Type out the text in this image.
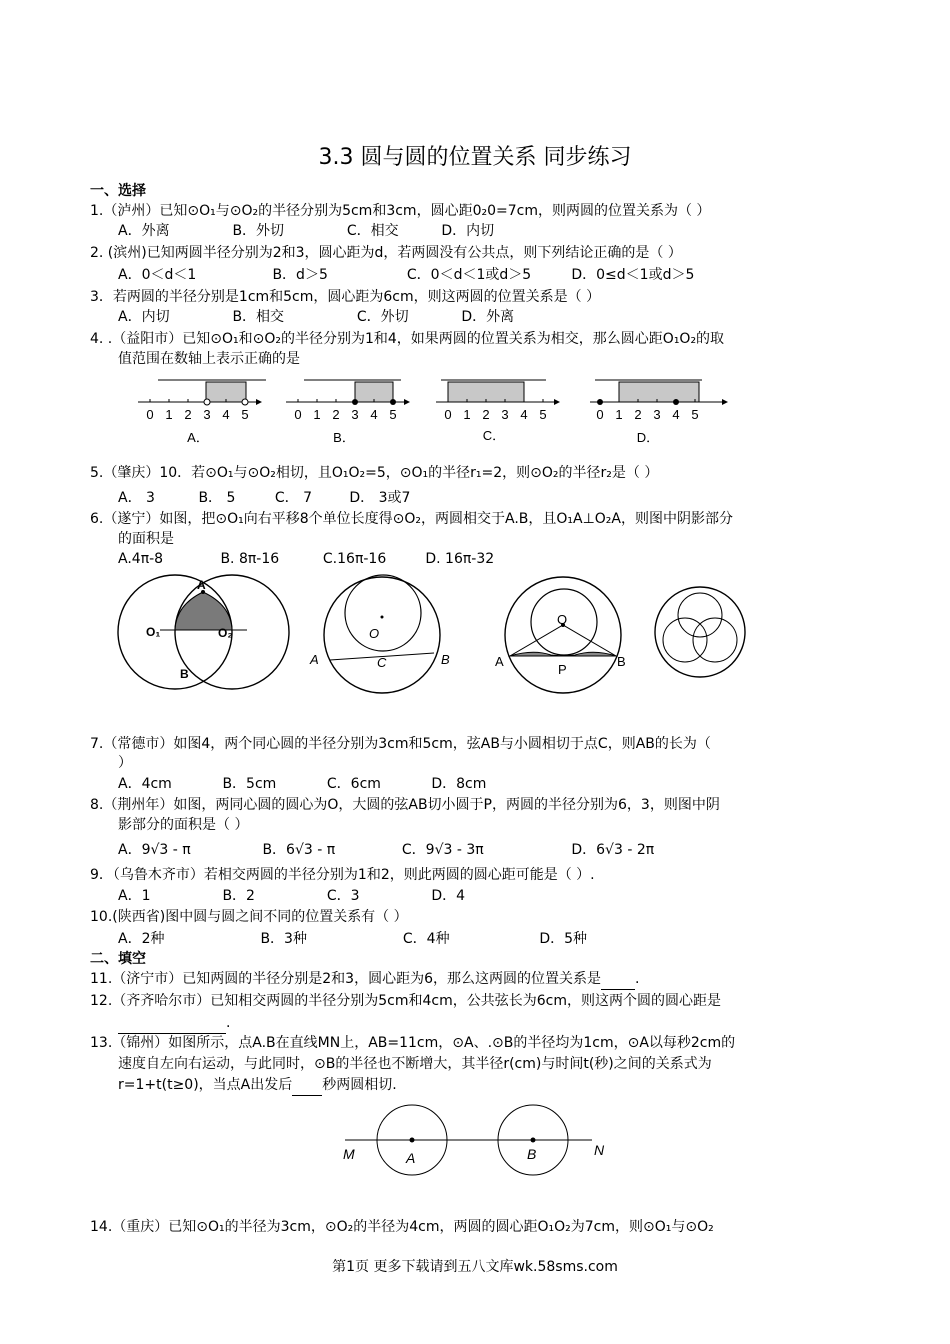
3.3 圆与圆的位置关系 同步练习
一、选择
1.（泸州）已知⊙O₁与⊙O₂的半径分别为5cm和3cm，圆心距0₂0=7cm，则两圆的位置关系为（ ）
A．外离	B．外切	C．相交	D．内切
2. (滨州)已知两圆半径分别为2和3，圆心距为d，若两圆没有公共点，则下列结论正确的是（ ）
A．0＜d＜1	B．d＞5	C．0＜d＜1或d＞5	D．0≤d＜1或d＞5
3．若两圆的半径分别是1cm和5cm，圆心距为6cm，则这两圆的位置关系是（ ）
A．内切	B．相交	C．外切	D．外离
4. .（益阳市）已知⊙O₁和⊙O₂的半径分别为1和4，如果两圆的位置关系为相交，那么圆心距O₁O₂的取
值范围在数轴上表示正确的是
0 1 2 3 4 5
A．
0 1 2 3 4 5
B．
0 1 2 3 4 5
C．
0 1 2 3 4 5
D．
5.（肇庆）10．若⊙O₁与⊙O₂相切，且O₁O₂=5，⊙O₁的半径r₁=2，则⊙O₂的半径r₂是（ ）
A． 3	B． 5	C． 7	D． 3或7
6.（遂宁）如图，把⊙O₁向右平移8个单位长度得⊙O₂，两圆相交于A.B，且O₁A⊥O₂A，则图中阴影部分
的面积是
A.4π-8	B. 8π-16	C.16π-16	D. 16π-32
A
B
O₁	O₂	O
A	B
C
O
A	B
P
7.（常德市）如图4，两个同心圆的半径分别为3cm和5cm，弦AB与小圆相切于点C，则AB的长为（
）
A．4cm	B．5cm	C．6cm	D．8cm
8.（荆州年）如图，两同心圆的圆心为O，大圆的弦AB切小圆于P，两圆的半径分别为6，3，则图中阴
影部分的面积是（ ）
A．9√3 - π	B．6√3 - π	C．9√3 - 3π	D．6√3 - 2π
9．（乌鲁木齐市）若相交两圆的半径分别为1和2，则此两圆的圆心距可能是（ ）.
A．1	B．2	C．3	D．4
10.(陕西省)图中圆与圆之间不同的位置关系有（ ）
A．2种	B．3种	C．4种	D．5种
二、填空
11.（济宁市）已知两圆的半径分别是2和3，圆心距为6，那么这两圆的位置关系是 .
12.（齐齐哈尔市）已知相交两圆的半径分别为5cm和4cm，公共弦长为6cm，则这两个圆的圆心距是
.
13.（锦州）如图所示，点A.B在直线MN上，AB=11cm，⊙A、.⊙B的半径均为1cm，⊙A以每秒2cm的
速度自左向右运动，与此同时，⊙B的半径也不断增大，其半径r(cm)与时间t(秒)之间的关系式为
r=1+t(t≥0)，当点A出发后 秒两圆相切.
M	A	B	N
14.（重庆）已知⊙O₁的半径为3cm，⊙O₂的半径为4cm，两圆的圆心距O₁O₂为7cm，则⊙O₁与⊙O₂
第1页 更多下载请到五八文库wk.58sms.com
